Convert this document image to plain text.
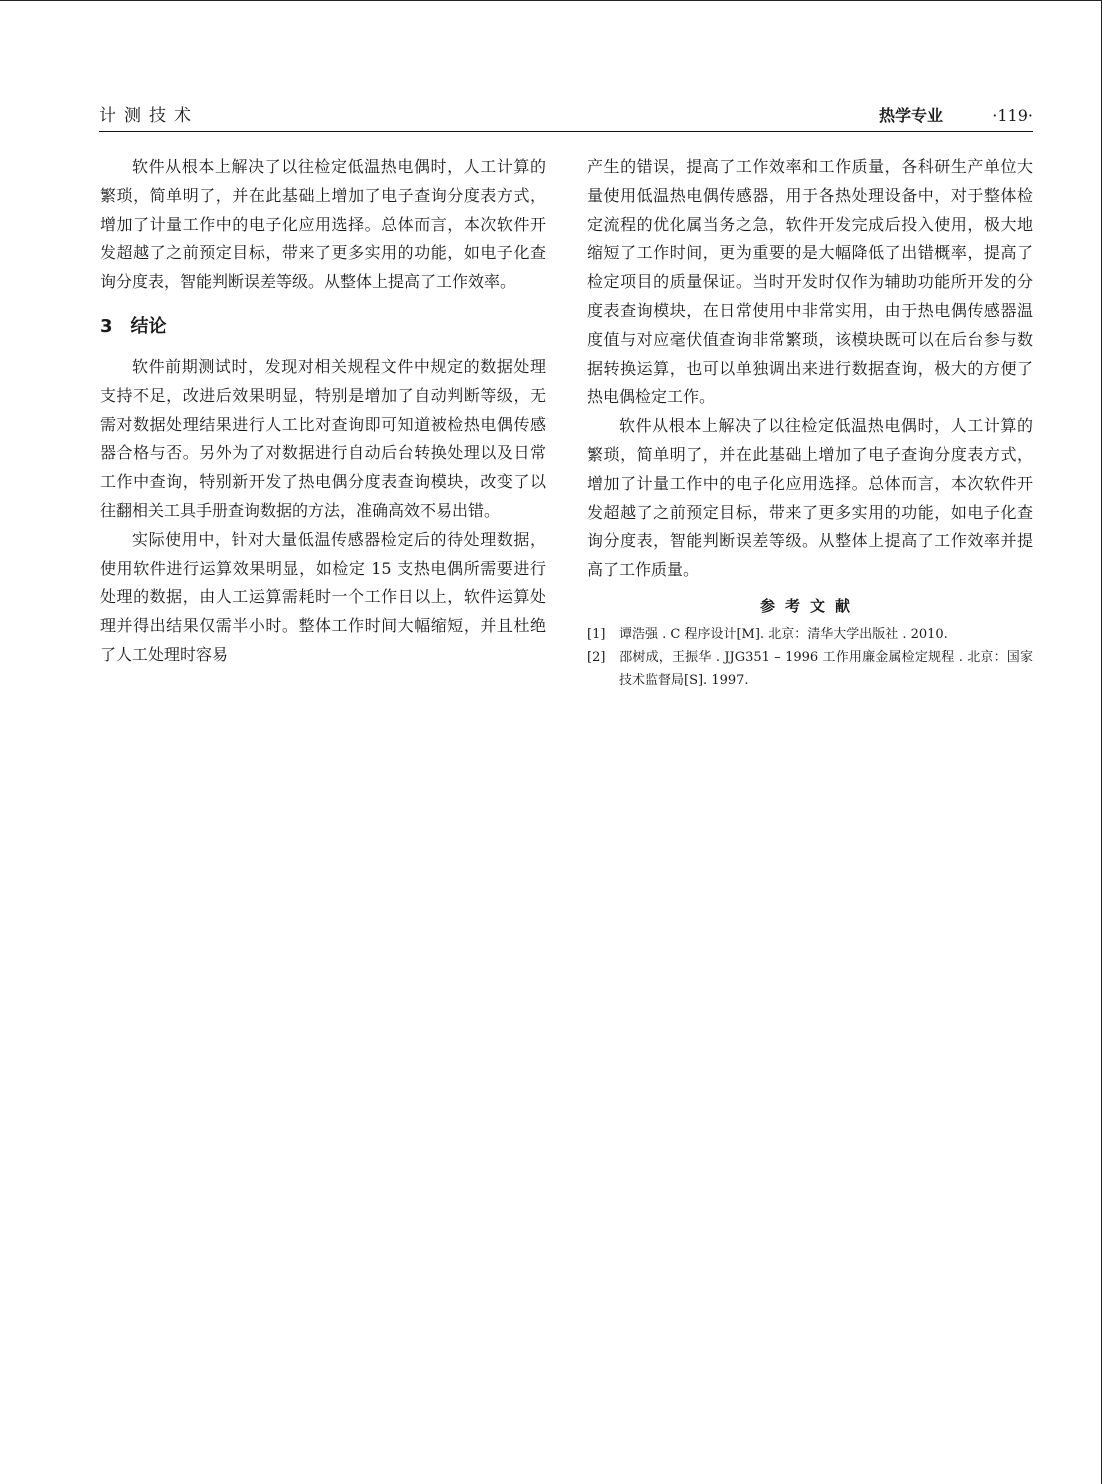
计测技术	热学专业	·119·

软件从根本上解决了以往检定低温热电偶时，人工计算的繁琐，简单明了，并在此基础上增加了电子查询分度表方式，增加了计量工作中的电子化应用选择。总体而言，本次软件开发超越了之前预定目标，带来了更多实用的功能，如电子化查询分度表，智能判断误差等级。从整体上提高了工作效率。

3 结论

软件前期测试时，发现对相关规程文件中规定的数据处理支持不足，改进后效果明显，特别是增加了自动判断等级，无需对数据处理结果进行人工比对查询即可知道被检热电偶传感器合格与否。另外为了对数据进行自动后台转换处理以及日常工作中查询，特别新开发了热电偶分度表查询模块，改变了以往翻相关工具手册查询数据的方法，准确高效不易出错。

实际使用中，针对大量低温传感器检定后的待处理数据，使用软件进行运算效果明显，如检定 15 支热电偶所需要进行处理的数据，由人工运算需耗时一个工作日以上，软件运算处理并得出结果仅需半小时。整体工作时间大幅缩短，并且杜绝了人工处理时容易

产生的错误，提高了工作效率和工作质量，各科研生产单位大量使用低温热电偶传感器，用于各热处理设备中，对于整体检定流程的优化属当务之急，软件开发完成后投入使用，极大地缩短了工作时间，更为重要的是大幅降低了出错概率，提高了检定项目的质量保证。当时开发时仅作为辅助功能所开发的分度表查询模块，在日常使用中非常实用，由于热电偶传感器温度值与对应毫伏值查询非常繁琐，该模块既可以在后台参与数据转换运算，也可以单独调出来进行数据查询，极大的方便了热电偶检定工作。

软件从根本上解决了以往检定低温热电偶时，人工计算的繁琐，简单明了，并在此基础上增加了电子查询分度表方式，增加了计量工作中的电子化应用选择。总体而言，本次软件开发超越了之前预定目标，带来了更多实用的功能，如电子化查询分度表，智能判断误差等级。从整体上提高了工作效率并提高了工作质量。

参考文献
[1] 谭浩强 . C 程序设计[M]. 北京：清华大学出版社 . 2010.
[2] 邵树成，王振华 . JJG351 – 1996 工作用廉金属检定规程 . 北京：国家技术监督局[S]. 1997.
